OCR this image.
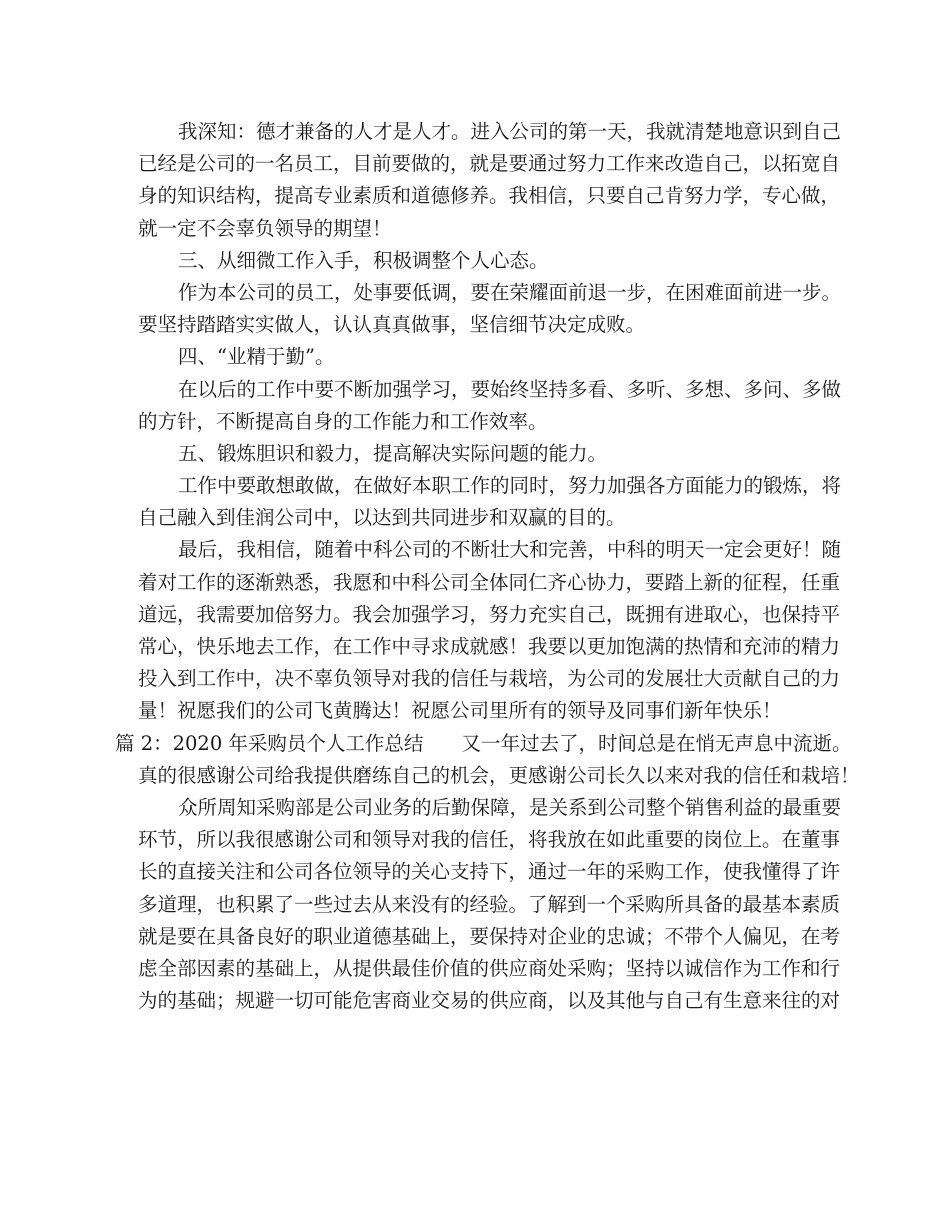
我深知：德才兼备的人才是人才。进入公司的第一天，我就清楚地意识到自己
已经是公司的一名员工，目前要做的，就是要通过努力工作来改造自己，以拓宽自
身的知识结构，提高专业素质和道德修养。我相信，只要自己肯努力学，专心做，
就一定不会辜负领导的期望！
三、从细微工作入手，积极调整个人心态。
作为本公司的员工，处事要低调，要在荣耀面前退一步，在困难面前进一步。
要坚持踏踏实实做人，认认真真做事，坚信细节决定成败。
四、“业精于勤”。
在以后的工作中要不断加强学习，要始终坚持多看、多听、多想、多问、多做
的方针，不断提高自身的工作能力和工作效率。
五、锻炼胆识和毅力，提高解决实际问题的能力。
工作中要敢想敢做，在做好本职工作的同时，努力加强各方面能力的锻炼，将
自己融入到佳润公司中，以达到共同进步和双赢的目的。
最后，我相信，随着中科公司的不断壮大和完善，中科的明天一定会更好！随
着对工作的逐渐熟悉，我愿和中科公司全体同仁齐心协力，要踏上新的征程，任重
道远，我需要加倍努力。我会加强学习，努力充实自己，既拥有进取心，也保持平
常心，快乐地去工作，在工作中寻求成就感！我要以更加饱满的热情和充沛的精力
投入到工作中，决不辜负领导对我的信任与栽培，为公司的发展壮大贡献自己的力
量！祝愿我们的公司飞黄腾达！祝愿公司里所有的领导及同事们新年快乐！
篇 2：2020 年采购员个人工作总结 又一年过去了，时间总是在悄无声息中流逝。
真的很感谢公司给我提供磨练自己的机会，更感谢公司长久以来对我的信任和栽培！
众所周知采购部是公司业务的后勤保障，是关系到公司整个销售利益的最重要
环节，所以我很感谢公司和领导对我的信任，将我放在如此重要的岗位上。在董事
长的直接关注和公司各位领导的关心支持下，通过一年的采购工作，使我懂得了许
多道理，也积累了一些过去从来没有的经验。了解到一个采购所具备的最基本素质
就是要在具备良好的职业道德基础上，要保持对企业的忠诚；不带个人偏见，在考
虑全部因素的基础上，从提供最佳价值的供应商处采购；坚持以诚信作为工作和行
为的基础；规避一切可能危害商业交易的供应商，以及其他与自己有生意来往的对
